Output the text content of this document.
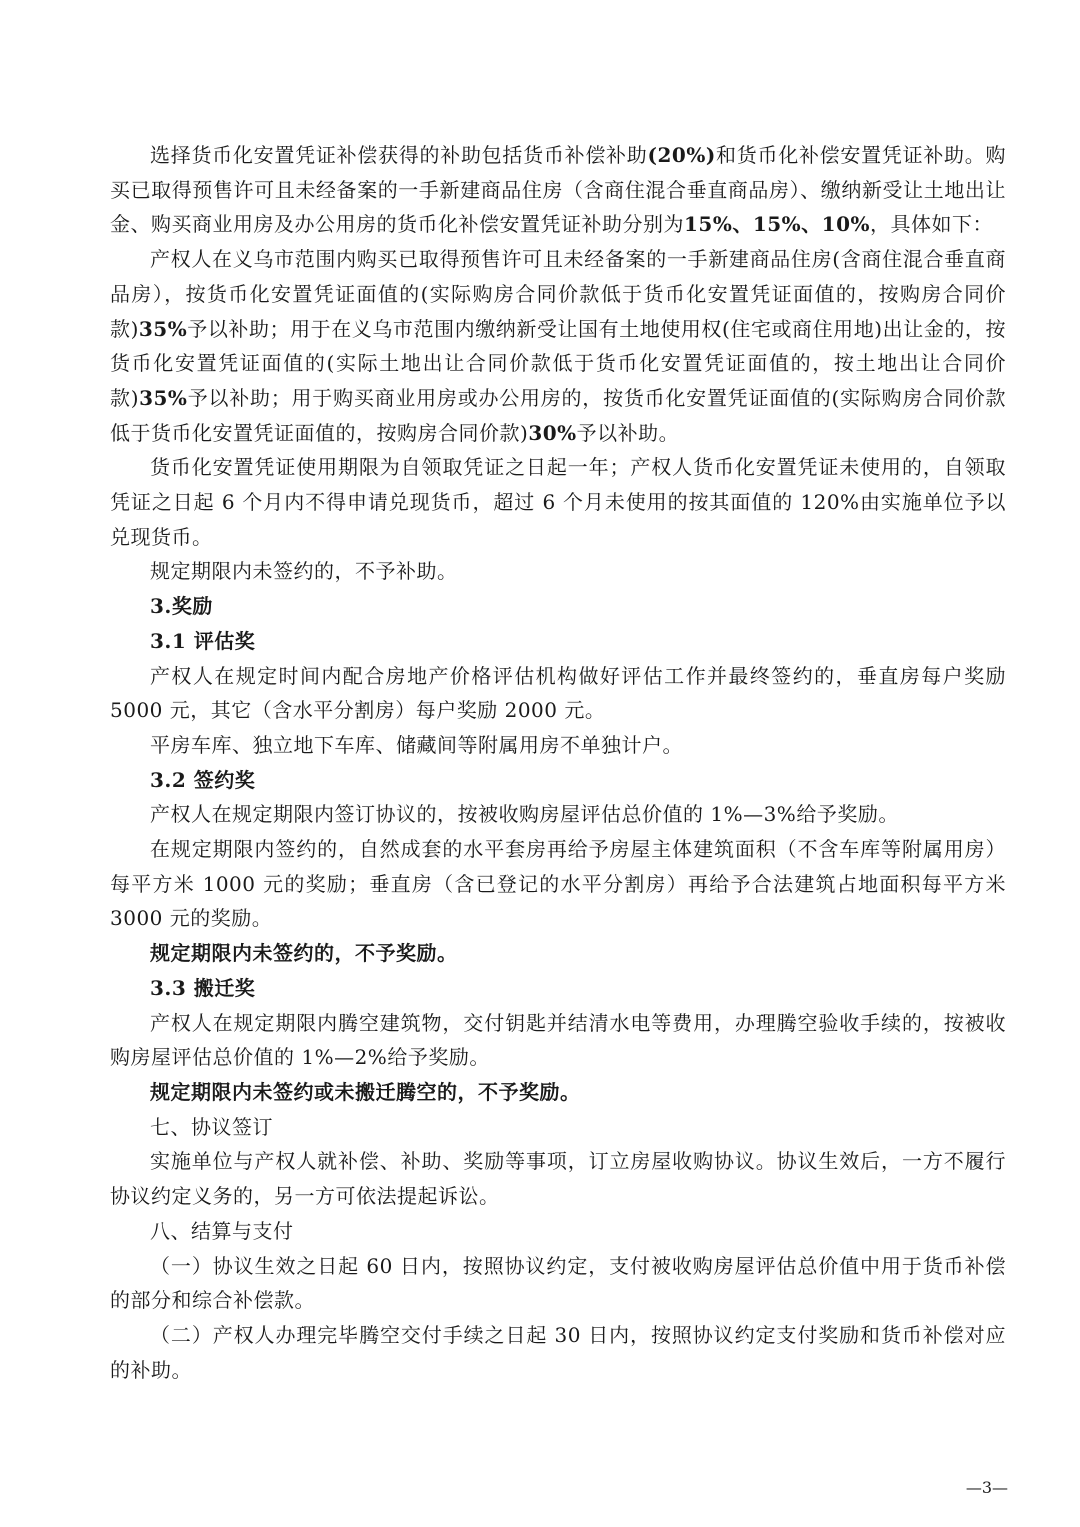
选择货币化安置凭证补偿获得的补助包括货币补偿补助(20%)和货币化补偿安置凭证补助。购买已取得预售许可且未经备案的一手新建商品住房（含商住混合垂直商品房）、缴纳新受让土地出让金、购买商业用房及办公用房的货币化补偿安置凭证补助分别为15%、15%、10%，具体如下：

产权人在义乌市范围内购买已取得预售许可且未经备案的一手新建商品住房(含商住混合垂直商品房），按货币化安置凭证面值的(实际购房合同价款低于货币化安置凭证面值的，按购房合同价款)35%予以补助；用于在义乌市范围内缴纳新受让国有土地使用权(住宅或商住用地)出让金的，按货币化安置凭证面值的(实际土地出让合同价款低于货币化安置凭证面值的，按土地出让合同价款)35%予以补助；用于购买商业用房或办公用房的，按货币化安置凭证面值的(实际购房合同价款低于货币化安置凭证面值的，按购房合同价款)30%予以补助。

货币化安置凭证使用期限为自领取凭证之日起一年；产权人货币化安置凭证未使用的，自领取凭证之日起 6 个月内不得申请兑现货币，超过 6 个月未使用的按其面值的 120%由实施单位予以兑现货币。

规定期限内未签约的，不予补助。

3.奖励

3.1 评估奖

产权人在规定时间内配合房地产价格评估机构做好评估工作并最终签约的，垂直房每户奖励 5000 元，其它（含水平分割房）每户奖励 2000 元。

平房车库、独立地下车库、储藏间等附属用房不单独计户。

3.2 签约奖

产权人在规定期限内签订协议的，按被收购房屋评估总价值的 1%—3%给予奖励。

在规定期限内签约的，自然成套的水平套房再给予房屋主体建筑面积（不含车库等附属用房）每平方米 1000 元的奖励；垂直房（含已登记的水平分割房）再给予合法建筑占地面积每平方米 3000 元的奖励。

规定期限内未签约的，不予奖励。

3.3 搬迁奖

产权人在规定期限内腾空建筑物，交付钥匙并结清水电等费用，办理腾空验收手续的，按被收购房屋评估总价值的 1%—2%给予奖励。

规定期限内未签约或未搬迁腾空的，不予奖励。

七、协议签订

实施单位与产权人就补偿、补助、奖励等事项，订立房屋收购协议。协议生效后，一方不履行协议约定义务的，另一方可依法提起诉讼。

八、结算与支付

（一）协议生效之日起 60 日内，按照协议约定，支付被收购房屋评估总价值中用于货币补偿的部分和综合补偿款。

（二）产权人办理完毕腾空交付手续之日起 30 日内，按照协议约定支付奖励和货币补偿对应的补助。

—3—
